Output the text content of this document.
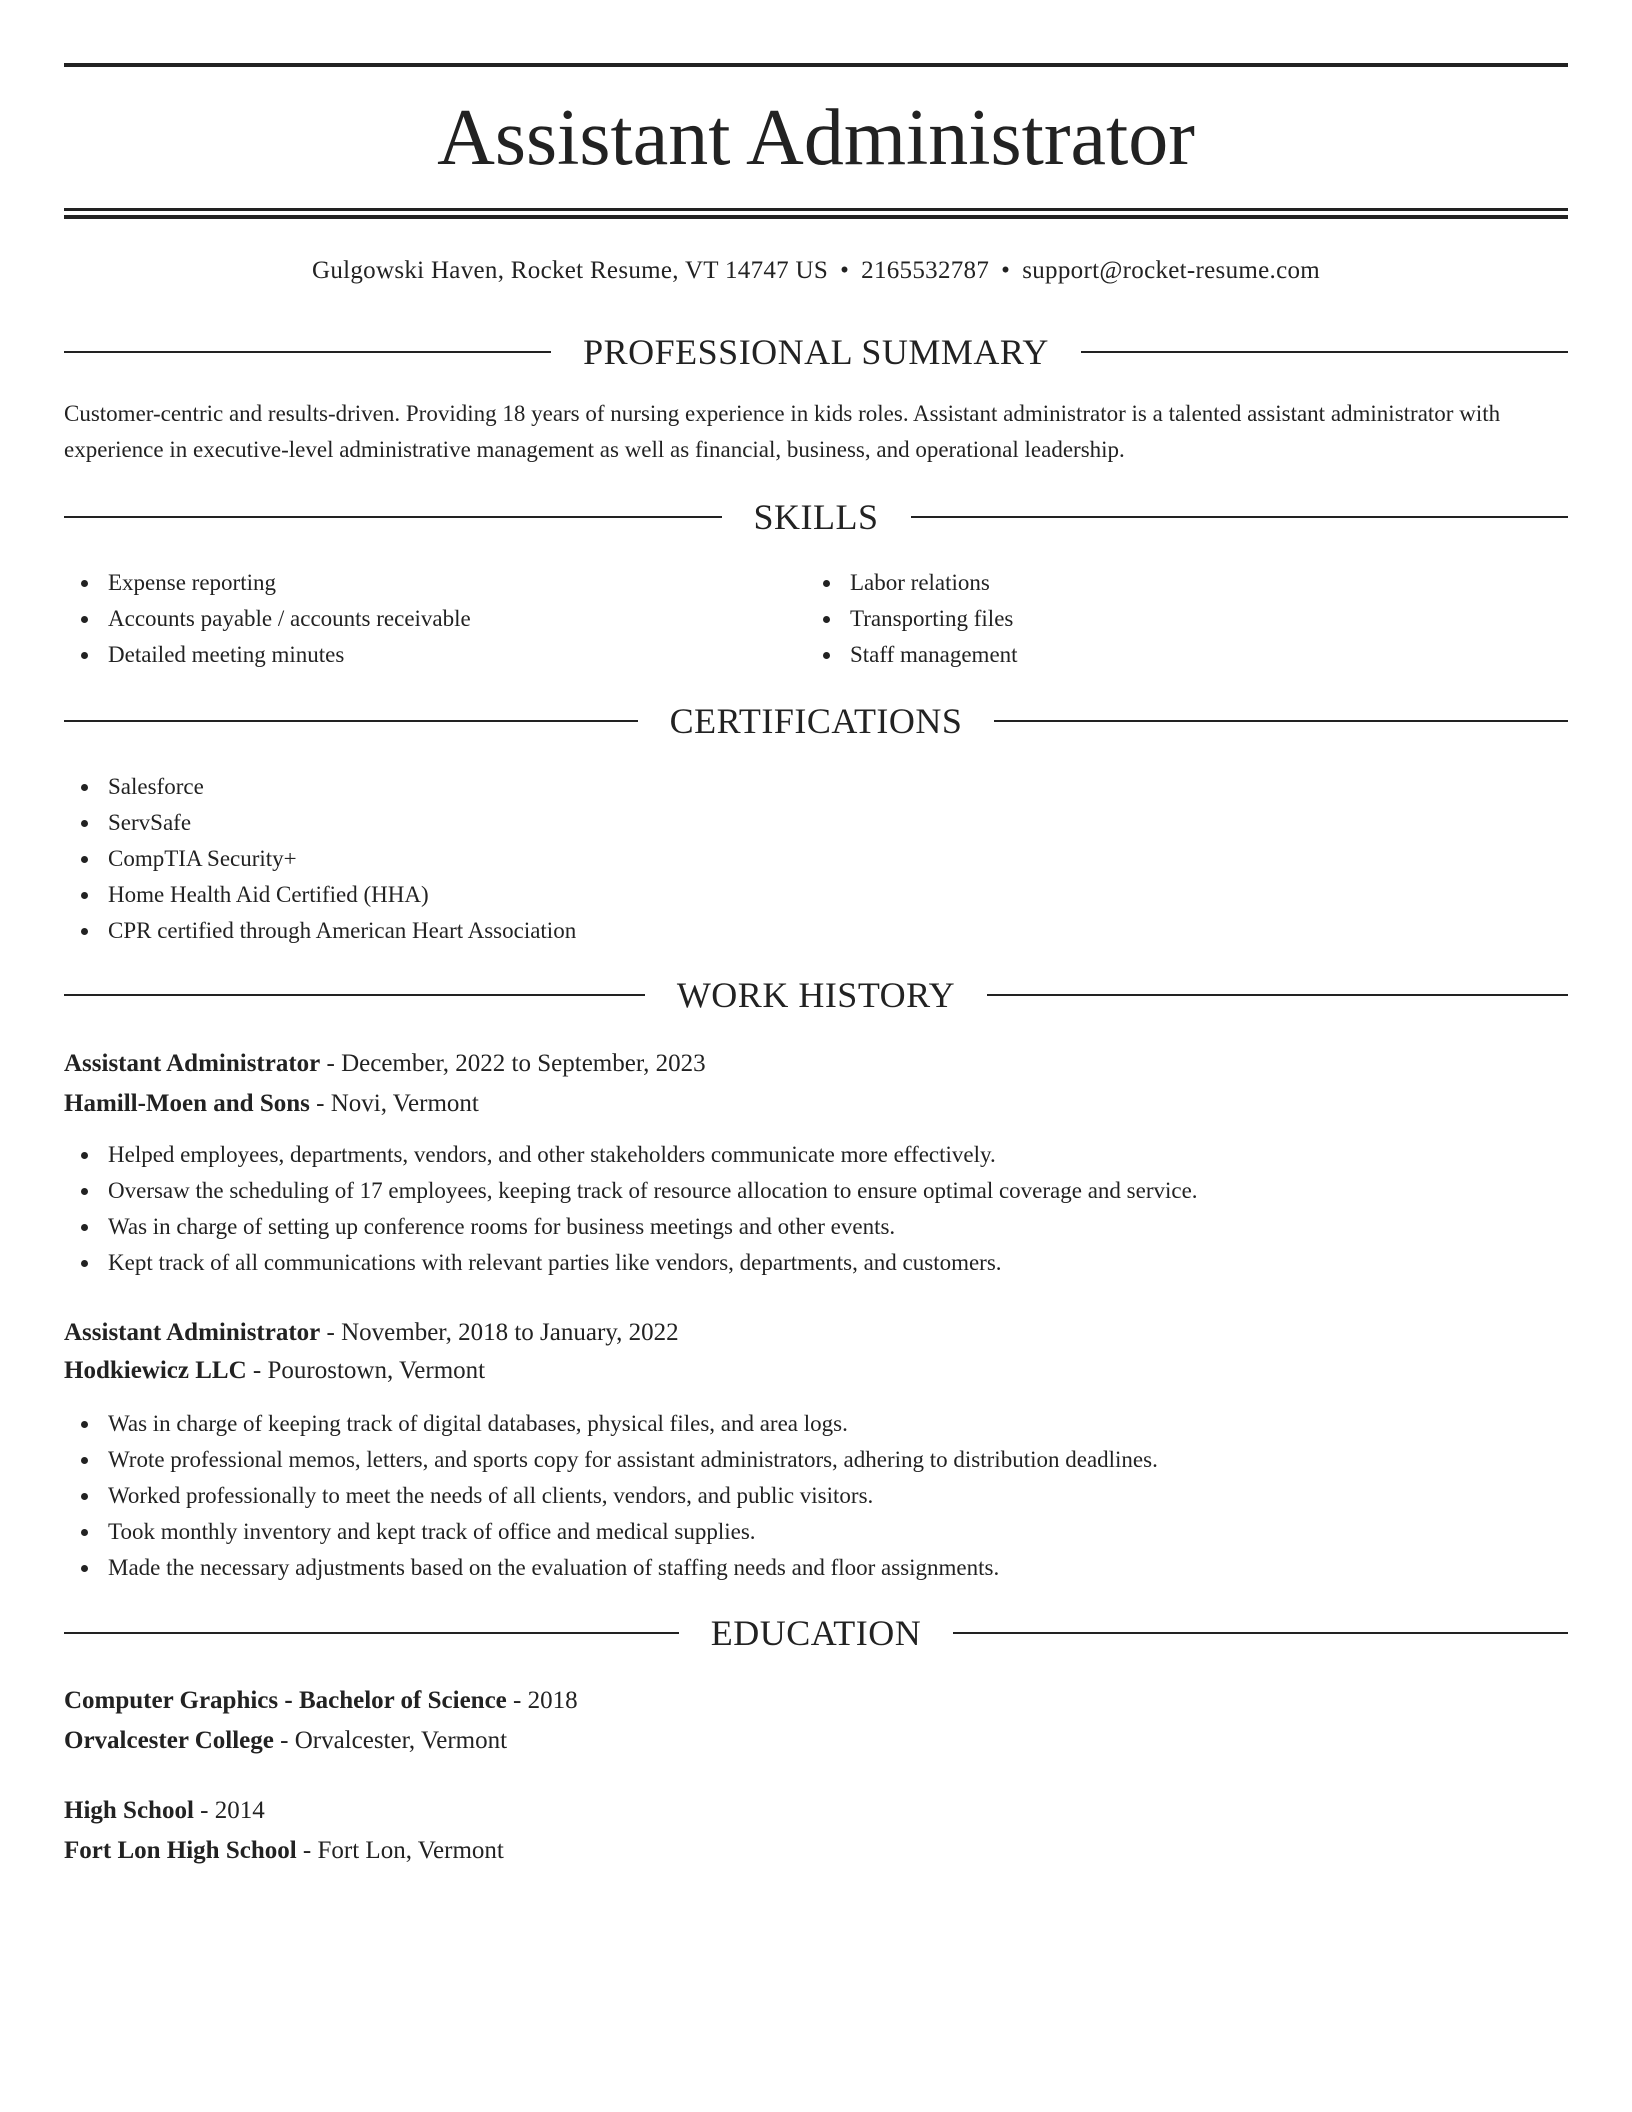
Assistant Administrator
Gulgowski Haven, Rocket Resume, VT 14747 US • 2165532787 • support@rocket-resume.com
PROFESSIONAL SUMMARY

Customer-centric and results-driven. Providing 18 years of nursing experience in kids roles. Assistant administrator is a talented assistant administrator with experience in executive-level administrative management as well as financial, business, and operational leadership.

SKILLS
Expense reporting
Accounts payable / accounts receivable
Detailed meeting minutes
Labor relations
Transporting files
Staff management
CERTIFICATIONS
Salesforce
ServSafe
CompTIA Security+
Home Health Aid Certified (HHA)
CPR certified through American Heart Association
WORK HISTORY
Assistant Administrator - December, 2022 to September, 2023
Hamill-Moen and Sons - Novi, Vermont
Helped employees, departments, vendors, and other stakeholders communicate more effectively.
Oversaw the scheduling of 17 employees, keeping track of resource allocation to ensure optimal coverage and service.
Was in charge of setting up conference rooms for business meetings and other events.
Kept track of all communications with relevant parties like vendors, departments, and customers.
Assistant Administrator - November, 2018 to January, 2022
Hodkiewicz LLC - Pourostown, Vermont
Was in charge of keeping track of digital databases, physical files, and area logs.
Wrote professional memos, letters, and sports copy for assistant administrators, adhering to distribution deadlines.
Worked professionally to meet the needs of all clients, vendors, and public visitors.
Took monthly inventory and kept track of office and medical supplies.
Made the necessary adjustments based on the evaluation of staffing needs and floor assignments.
EDUCATION
Computer Graphics - Bachelor of Science - 2018
Orvalcester College - Orvalcester, Vermont
High School - 2014
Fort Lon High School - Fort Lon, Vermont
